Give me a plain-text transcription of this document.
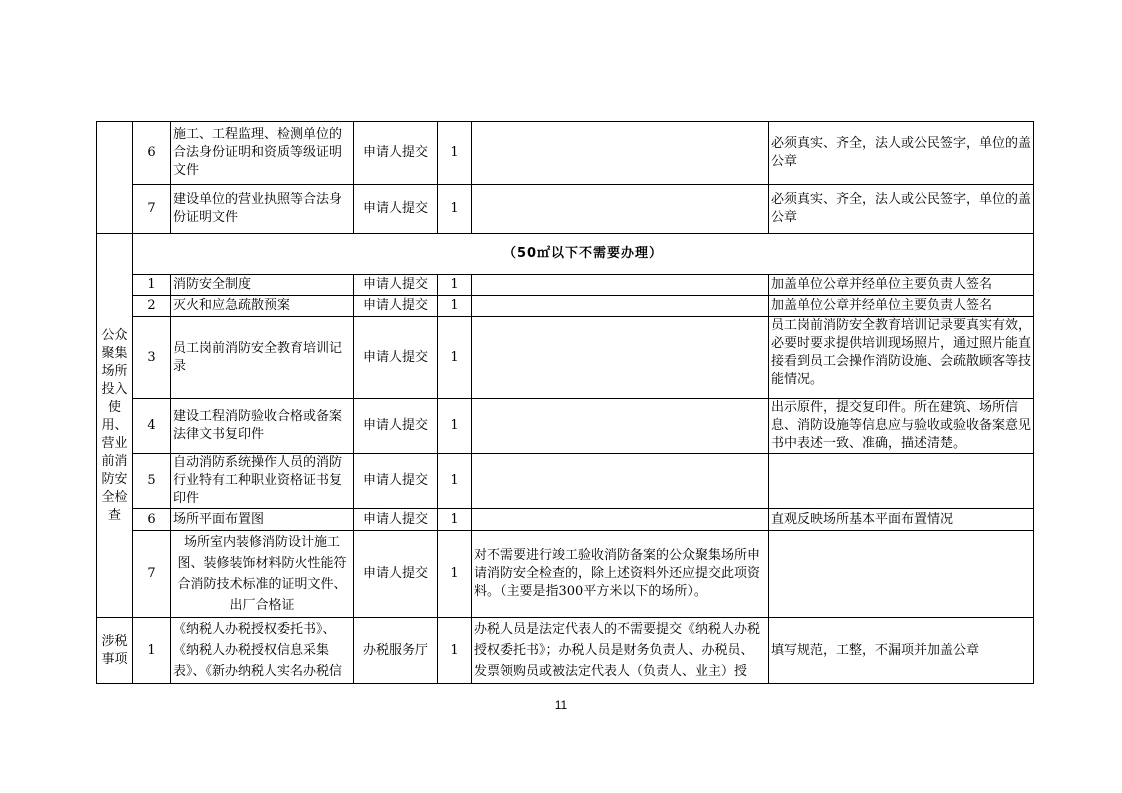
	6	施工、工程监理、检测单位的合法身份证明和资质等级证明文件	申请人提交	1		必须真实、齐全，法人或公民签字，单位的盖公章
	7	建设单位的营业执照等合法身份证明文件	申请人提交	1		必须真实、齐全，法人或公民签字，单位的盖公章
公众聚集场所投入使用、营业前消防安全检查	（50㎡以下不需要办理）					
	1	消防安全制度	申请人提交	1		加盖单位公章并经单位主要负责人签名
	2	灭火和应急疏散预案	申请人提交	1		加盖单位公章并经单位主要负责人签名
	3	员工岗前消防安全教育培训记录	申请人提交	1		员工岗前消防安全教育培训记录要真实有效，必要时要求提供培训现场照片，通过照片能直接看到员工会操作消防设施、会疏散顾客等技能情况。
	4	建设工程消防验收合格或备案法律文书复印件	申请人提交	1		出示原件，提交复印件。所在建筑、场所信息、消防设施等信息应与验收或验收备案意见书中表述一致、准确，描述清楚。
	5	自动消防系统操作人员的消防行业特有工种职业资格证书复印件	申请人提交	1		
	6	场所平面布置图	申请人提交	1		直观反映场所基本平面布置情况
	7	场所室内装修消防设计施工图、装修装饰材料防火性能符合消防技术标准的证明文件、出厂合格证	申请人提交	1	对不需要进行竣工验收消防备案的公众聚集场所申请消防安全检查的，除上述资料外还应提交此项资料。（主要是指300平方米以下的场所）。	
涉税事项	1	《纳税人办税授权委托书》、《纳税人办税授权信息采集表》、《新办纳税人实名办税信	办税服务厅	1	办税人员是法定代表人的不需要提交《纳税人办税授权委托书》；办税人员是财务负责人、办税员、发票领购员或被法定代表人（负责人、业主）授	填写规范，工整，不漏项并加盖公章
11
